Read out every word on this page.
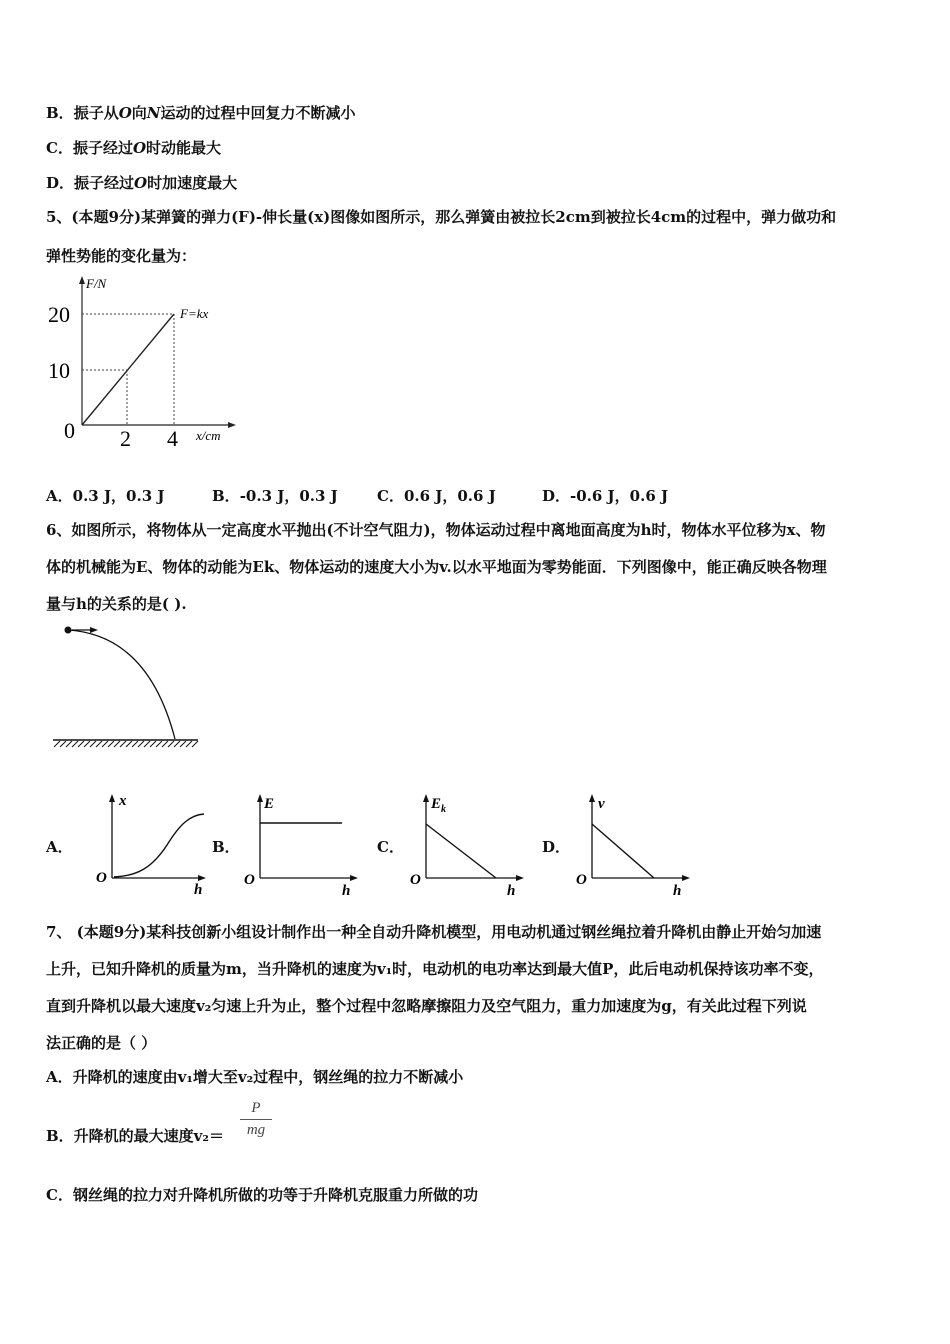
B．振子从O向N运动的过程中回复力不断减小
C．振子经过O时动能最大
D．振子经过O时加速度最大
5、(本题9分)某弹簧的弹力(F)-伸长量(x)图像如图所示，那么弹簧由被拉长2cm到被拉长4cm的过程中，弹力做功和
弹性势能的变化量为：
F/N
F=kx
20
10
0 2 4 x/cm
A．0.3 J，0.3 J	B．-0.3 J，0.3 J	C．0.6 J，0.6 J	D．-0.6 J，0.6 J
6、如图所示，将物体从一定高度水平抛出(不计空气阻力)，物体运动过程中离地面高度为h时，物体水平位移为x、物
体的机械能为E、物体的动能为Ek、物体运动的速度大小为v.以水平地面为零势能面．下列图像中，能正确反映各物理
量与h的关系的是( ).
A．
x
O
h
B．
E
O
h
C．
$E_k$
O
h
D．
v
O
h
7、 (本题9分)某科技创新小组设计制作出一种全自动升降机模型，用电动机通过钢丝绳拉着升降机由静止开始匀加速
上升，已知升降机的质量为m，当升降机的速度为v₁时，电动机的电功率达到最大值P，此后电动机保持该功率不变，
直到升降机以最大速度v₂匀速上升为止，整个过程中忽略摩擦阻力及空气阻力，重力加速度为g，有关此过程下列说
法正确的是（ ）
A．升降机的速度由v₁增大至v₂过程中，钢丝绳的拉力不断减小
B．升降机的最大速度$v_2= \frac{P}{mg}$
C．钢丝绳的拉力对升降机所做的功等于升降机克服重力所做的功
